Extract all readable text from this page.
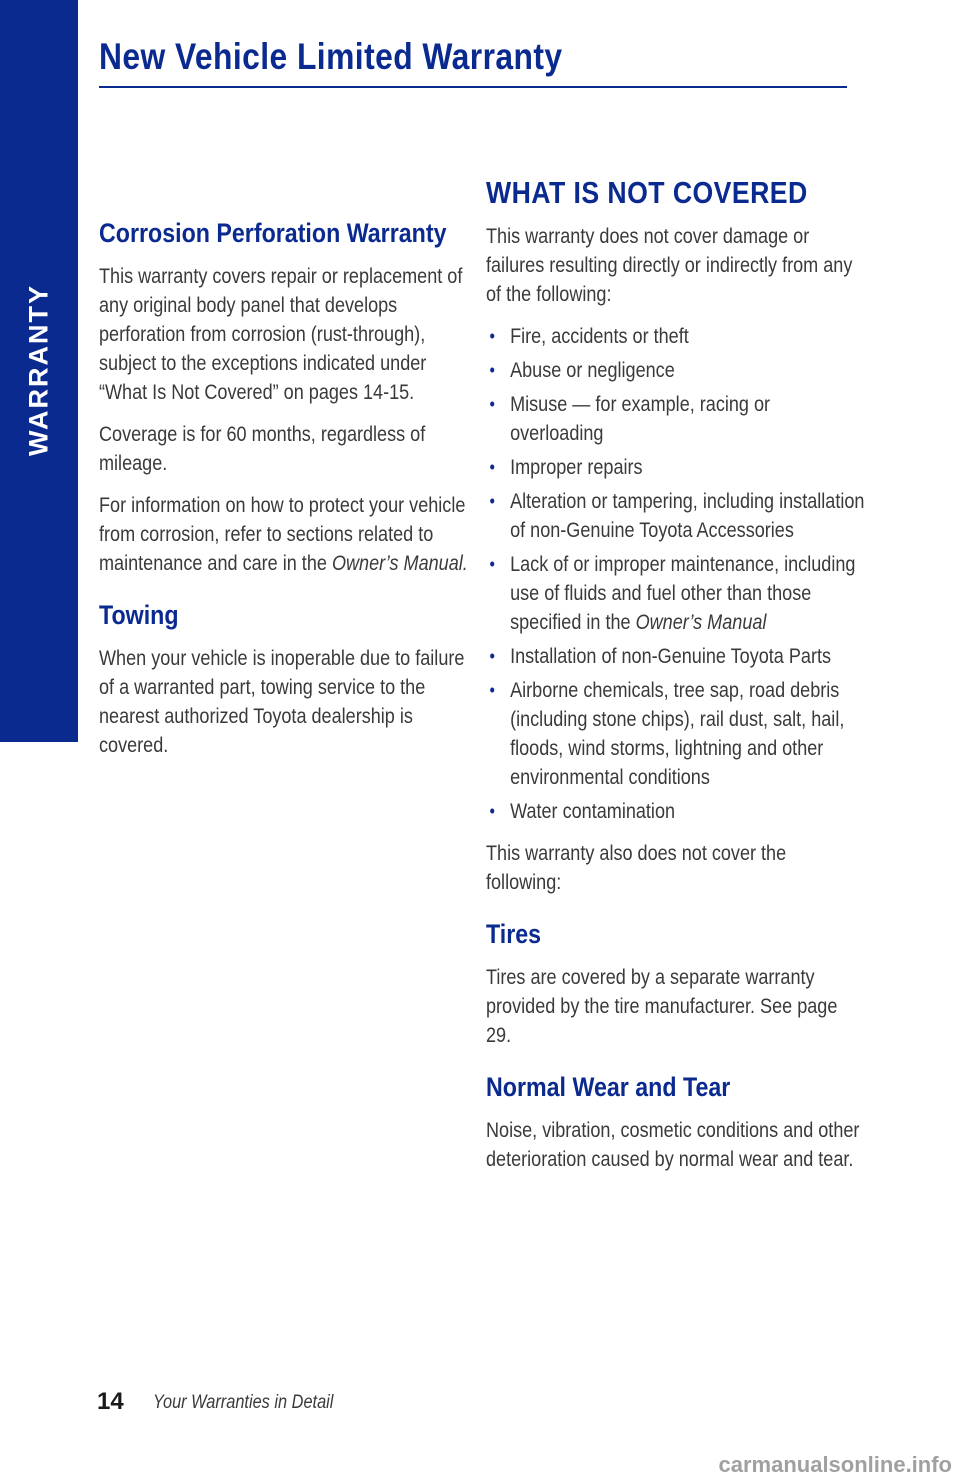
WARRANTY
New Vehicle Limited Warranty
Corrosion Perforation Warranty

This warranty covers repair or replacement of any original body panel that develops perforation from corrosion (rust-through), subject to the exceptions indicated under “What Is Not Covered” on pages 14-15.

Coverage is for 60 months, regardless of mileage.

For information on how to protect your vehicle from corrosion, refer to sections related to maintenance and care in the Owner’s Manual.

Towing

When your vehicle is inoperable due to failure of a warranted part, towing service to the nearest authorized Toyota dealership is covered.

WHAT IS NOT COVERED

This warranty does not cover damage or failures resulting directly or indirectly from any of the following:

• Fire, accidents or theft
• Abuse or negligence
• Misuse — for example, racing or overloading
• Improper repairs
• Alteration or tampering, including installation of non-Genuine Toyota Accessories
• Lack of or improper maintenance, including use of fluids and fuel other than those specified in the Owner’s Manual
• Installation of non-Genuine Toyota Parts
• Airborne chemicals, tree sap, road debris (including stone chips), rail dust, salt, hail, floods, wind storms, lightning and other environmental conditions
• Water contamination

This warranty also does not cover the following:

Tires

Tires are covered by a separate warranty provided by the tire manufacturer. See page 29.

Normal Wear and Tear

Noise, vibration, cosmetic conditions and other deterioration caused by normal wear and tear.

14 Your Warranties in Detail
carmanualsonline.info
